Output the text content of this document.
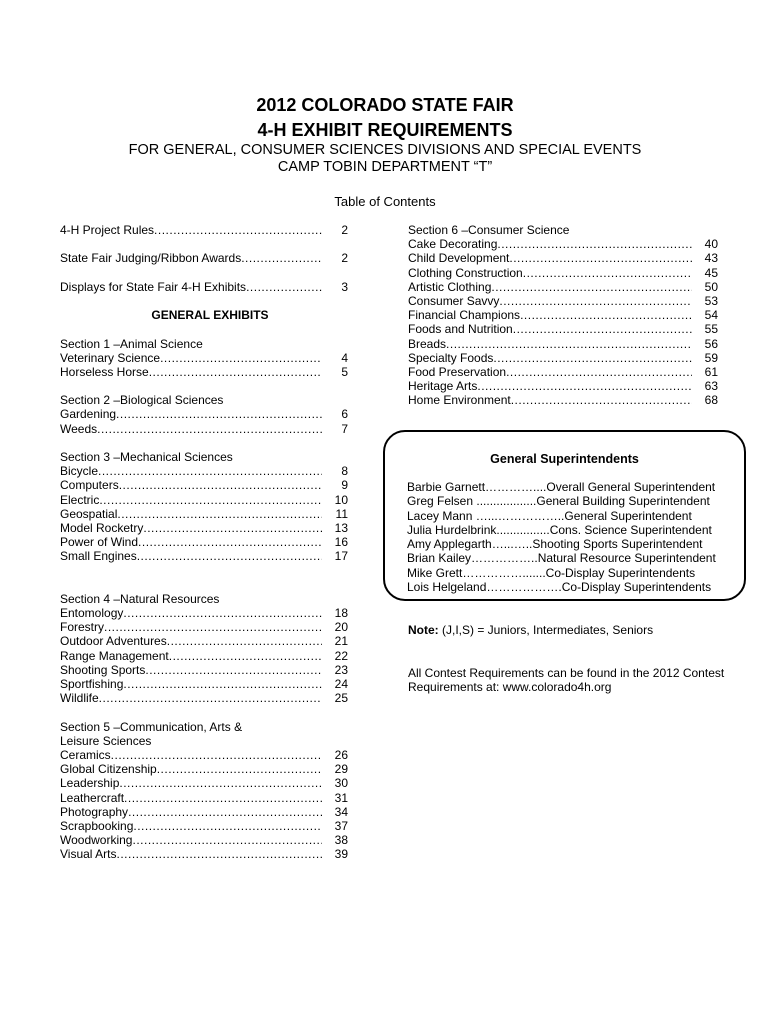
2012 COLORADO STATE FAIR
4-H EXHIBIT REQUIREMENTS
FOR GENERAL, CONSUMER SCIENCES DIVISIONS AND SPECIAL EVENTS
CAMP TOBIN DEPARTMENT “T”
Table of Contents
4-H Project Rules .....	2
State Fair Judging/Ribbon Awards .....	2
Displays for State Fair 4-H Exhibits .....	3
GENERAL EXHIBITS
Section 1 –Animal Science
Veterinary Science .....	4
Horseless Horse .....	5
Section 2 –Biological Sciences
Gardening .....	6
Weeds .....	7
Section 3 –Mechanical Sciences
Bicycle .....	8
Computers .....	9
Electric .....	10
Geospatial .....	11
Model Rocketry .....	13
Power of Wind .....	16
Small Engines .....	17
Section 4 –Natural Resources
Entomology .....	18
Forestry .....	20
Outdoor Adventures .....	21
Range Management .....	22
Shooting Sports .....	23
Sportfishing .....	24
Wildlife .....	25
Section 5 –Communication, Arts &
Leisure Sciences
Ceramics .....	26
Global Citizenship .....	29
Leadership .....	30
Leathercraft .....	31
Photography .....	34
Scrapbooking .....	37
Woodworking .....	38
Visual Arts .....	39
Section 6 –Consumer Science
Cake Decorating .....	40
Child Development .....	43
Clothing Construction .....	45
Artistic Clothing .....	50
Consumer Savvy .....	53
Financial Champions .....	54
Foods and Nutrition .....	55
Breads .....	56
Specialty Foods .....	59
Food Preservation .....	61
Heritage Arts .....	63
Home Environment .....	68
General Superintendents
Barbie Garnett…………....Overall General Superintendent
Greg Felsen ..................General Building Superintendent
Lacey Mann …...……………..General Superintendent
Julia Hurdelbrink................Cons. Science Superintendent
Amy Applegarth…...…..Shooting Sports Superintendent
Brian Kailey……………..Natural Resource Superintendent
Mike Grett…………….......Co-Display Superintendents
Lois Helgeland……………….Co-Display Superintendents
Note: (J,I,S) = Juniors, Intermediates, Seniors
All Contest Requirements can be found in the 2012 Contest
Requirements at: www.colorado4h.org
